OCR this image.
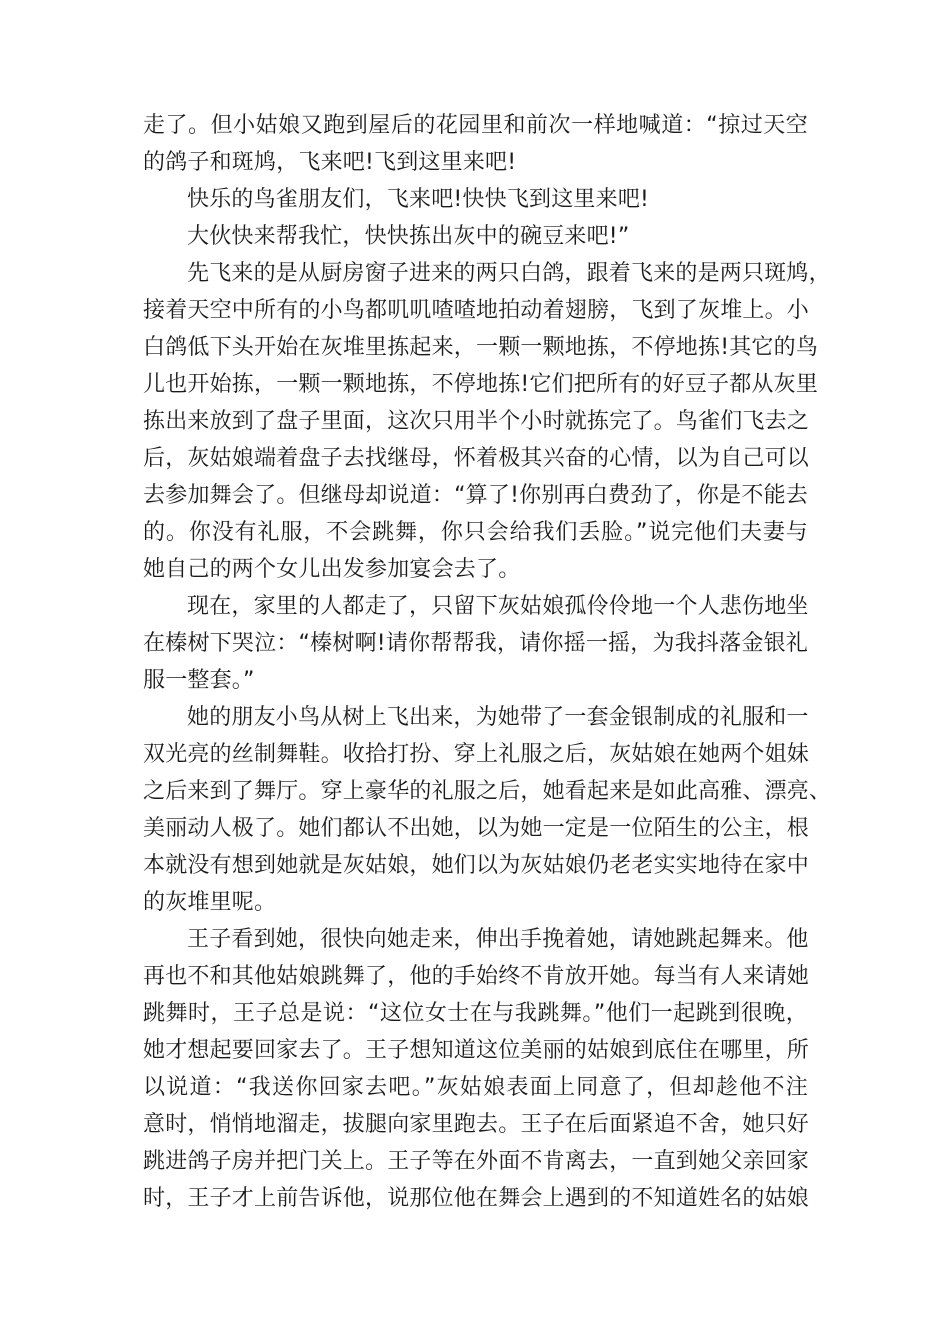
走了。但小姑娘又跑到屋后的花园里和前次一样地喊道：“掠过天空
的鸽子和斑鸠，飞来吧!飞到这里来吧!
快乐的鸟雀朋友们，飞来吧!快快飞到这里来吧!
大伙快来帮我忙，快快拣出灰中的碗豆来吧!”
先飞来的是从厨房窗子进来的两只白鸽，跟着飞来的是两只斑鸠，
接着天空中所有的小鸟都叽叽喳喳地拍动着翅膀，飞到了灰堆上。小
白鸽低下头开始在灰堆里拣起来，一颗一颗地拣，不停地拣!其它的鸟
儿也开始拣，一颗一颗地拣，不停地拣!它们把所有的好豆子都从灰里
拣出来放到了盘子里面，这次只用半个小时就拣完了。鸟雀们飞去之
后，灰姑娘端着盘子去找继母，怀着极其兴奋的心情，以为自己可以
去参加舞会了。但继母却说道：“算了!你别再白费劲了，你是不能去
的。你没有礼服，不会跳舞，你只会给我们丢脸。”说完他们夫妻与
她自己的两个女儿出发参加宴会去了。
现在，家里的人都走了，只留下灰姑娘孤伶伶地一个人悲伤地坐
在榛树下哭泣：“榛树啊!请你帮帮我，请你摇一摇，为我抖落金银礼
服一整套。”
她的朋友小鸟从树上飞出来，为她带了一套金银制成的礼服和一
双光亮的丝制舞鞋。收拾打扮、穿上礼服之后，灰姑娘在她两个姐妹
之后来到了舞厅。穿上豪华的礼服之后，她看起来是如此高雅、漂亮、
美丽动人极了。她们都认不出她，以为她一定是一位陌生的公主，根
本就没有想到她就是灰姑娘，她们以为灰姑娘仍老老实实地待在家中
的灰堆里呢。
王子看到她，很快向她走来，伸出手挽着她，请她跳起舞来。他
再也不和其他姑娘跳舞了，他的手始终不肯放开她。每当有人来请她
跳舞时，王子总是说：“这位女士在与我跳舞。”他们一起跳到很晚，
她才想起要回家去了。王子想知道这位美丽的姑娘到底住在哪里，所
以说道：“我送你回家去吧。”灰姑娘表面上同意了，但却趁他不注
意时，悄悄地溜走，拔腿向家里跑去。王子在后面紧追不舍，她只好
跳进鸽子房并把门关上。王子等在外面不肯离去，一直到她父亲回家
时，王子才上前告诉他，说那位他在舞会上遇到的不知道姓名的姑娘
